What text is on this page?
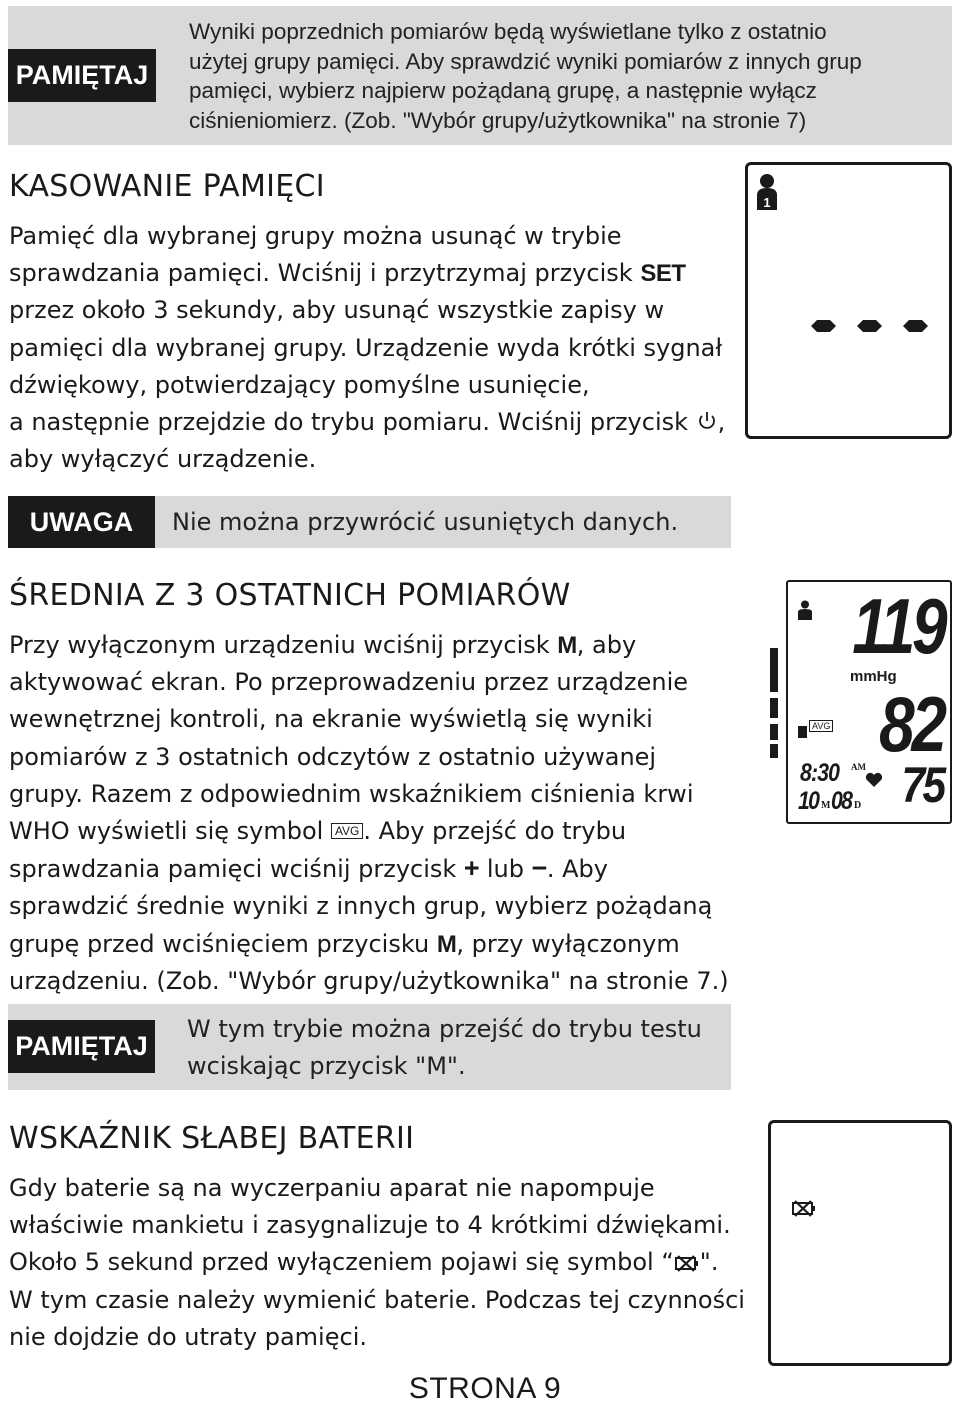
PAMIĘTAJ
Wyniki poprzednich pomiarów będą wyświetlane tylko z ostatnio
użytej grupy pamięci. Aby sprawdzić wyniki pomiarów z innych grup
pamięci, wybierz najpierw pożądaną grupę, a następnie wyłącz
ciśnieniomierz. (Zob. "Wybór grupy/użytkownika" na stronie 7)
KASOWANIE PAMIĘCI
Pamięć dla wybranej grupy można usunąć w trybie
sprawdzania pamięci. Wciśnij i przytrzymaj przycisk SET
przez około 3 sekundy, aby usunąć wszystkie zapisy w
pamięci dla wybranej grupy. Urządzenie wyda krótki sygnał
dźwiękowy, potwierdzający pomyślne usunięcie,
a następnie przejdzie do trybu pomiaru. Wciśnij przycisk ,
aby wyłączyć urządzenie.
1
UWAGA	Nie można przywrócić usuniętych danych.
ŚREDNIA Z 3 OSTATNICH POMIARÓW
Przy wyłączonym urządzeniu wciśnij przycisk M, aby
aktywować ekran. Po przeprowadzeniu przez urządzenie
wewnętrznej kontroli, na ekranie wyświetlą się wyniki
pomiarów z 3 ostatnich odczytów z ostatnio używanej
grupy. Razem z odpowiednim wskaźnikiem ciśnienia krwi
WHO wyświetli się symbol AVG . Aby przejść do trybu
sprawdzania pamięci wciśnij przycisk + lub −. Aby
sprawdzić średnie wyniki z innych grup, wybierz pożądaną
grupę przed wciśnięciem przycisku M, przy wyłączonym
urządzeniu. (Zob. "Wybór grupy/użytkownika" na stronie 7.)
119
mmHg
AVG 82
8:30 AM 75
10 M 08 D
PAMIĘTAJ
W tym trybie można przejść do trybu testu
wciskając przycisk "M".
WSKAŹNIK SŁABEJ BATERII
Gdy baterie są na wyczerpaniu aparat nie napompuje
właściwie mankietu i zasygnalizuje to 4 krótkimi dźwiękami.
Około 5 sekund przed wyłączeniem pojawi się symbol “ ".
W tym czasie należy wymienić baterie. Podczas tej czynności
nie dojdzie do utraty pamięci.
STRONA 9
